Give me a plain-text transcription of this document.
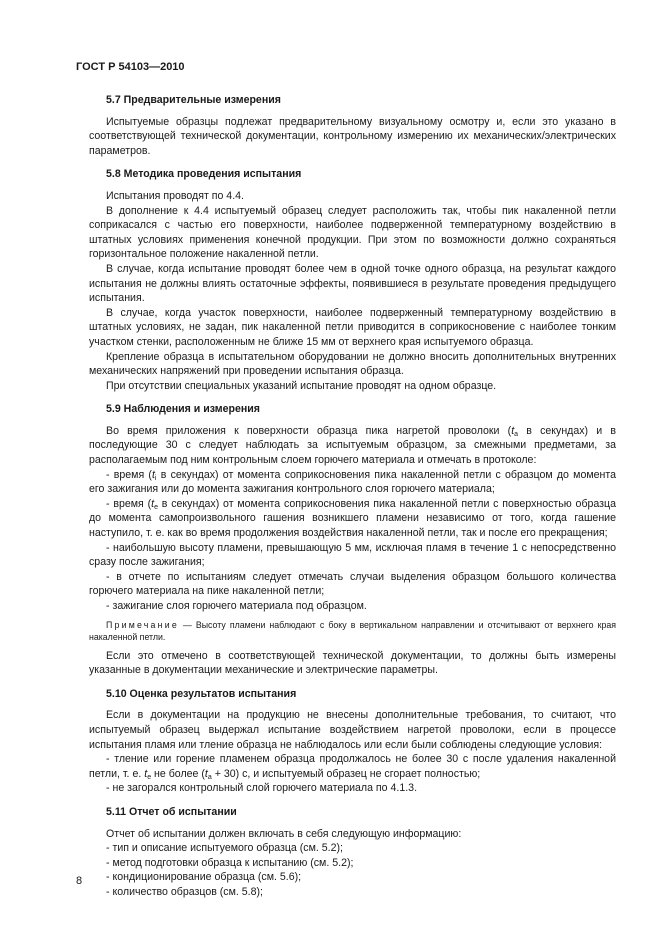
ГОСТ Р 54103—2010
5.7 Предварительные измерения

Испытуемые образцы подлежат предварительному визуальному осмотру и, если это указано в соответствующей технической документации, контрольному измерению их механических/электрических параметров.

5.8 Методика проведения испытания

Испытания проводят по 4.4.

В дополнение к 4.4 испытуемый образец следует расположить так, чтобы пик накаленной петли соприкасался с частью его поверхности, наиболее подверженной температурному воздействию в штатных условиях применения конечной продукции. При этом по возможности должно сохраняться горизонтальное положение накаленной петли.

В случае, когда испытание проводят более чем в одной точке одного образца, на результат каждого испытания не должны влиять остаточные эффекты, появившиеся в результате проведения предыдущего испытания.

В случае, когда участок поверхности, наиболее подверженный температурному воздействию в штатных условиях, не задан, пик накаленной петли приводится в соприкосновение с наиболее тонким участком стенки, расположенным не ближе 15 мм от верхнего края испытуемого образца.

Крепление образца в испытательном оборудовании не должно вносить дополнительных внутренних механических напряжений при проведении испытания образца.

При отсутствии специальных указаний испытание проводят на одном образце.

5.9 Наблюдения и измерения

Во время приложения к поверхности образца пика нагретой проволоки ($t_a$ в секундах) и в последующие 30 с следует наблюдать за испытуемым образцом, за смежными предметами, за располагаемым под ним контрольным слоем горючего материала и отмечать в протоколе:

- время ($t_i$ в секундах) от момента соприкосновения пика накаленной петли с образцом до момента его зажигания или до момента зажигания контрольного слоя горючего материала;

- время ($t_e$ в секундах) от момента соприкосновения пика накаленной петли с поверхностью образца до момента самопроизвольного гашения возникшего пламени независимо от того, когда гашение наступило, т. е. как во время продолжения воздействия накаленной петли, так и после его прекращения;

- наибольшую высоту пламени, превышающую 5 мм, исключая пламя в течение 1 с непосредственно сразу после зажигания;

- в отчете по испытаниям следует отмечать случаи выделения образцом большого количества горючего материала на пике накаленной петли;

- зажигание слоя горючего материала под образцом.

Примечание — Высоту пламени наблюдают с боку в вертикальном направлении и отсчитывают от верхнего края накаленной петли.

Если это отмечено в соответствующей технической документации, то должны быть измерены указанные в документации механические и электрические параметры.

5.10 Оценка результатов испытания

Если в документации на продукцию не внесены дополнительные требования, то считают, что испытуемый образец выдержал испытание воздействием нагретой проволоки, если в процессе испытания пламя или тление образца не наблюдалось или если были соблюдены следующие условия:

- тление или горение пламенем образца продолжалось не более 30 с после удаления накаленной петли, т. е. $t_e$ не более $(t_a + 30)$ с, и испытуемый образец не сгорает полностью;

- не загорался контрольный слой горючего материала по 4.1.3.

5.11 Отчет об испытании

Отчет об испытании должен включать в себя следующую информацию:

- тип и описание испытуемого образца (см. 5.2);

- метод подготовки образца к испытанию (см. 5.2);

- кондиционирование образца (см. 5.6);

- количество образцов (см. 5.8);

8
